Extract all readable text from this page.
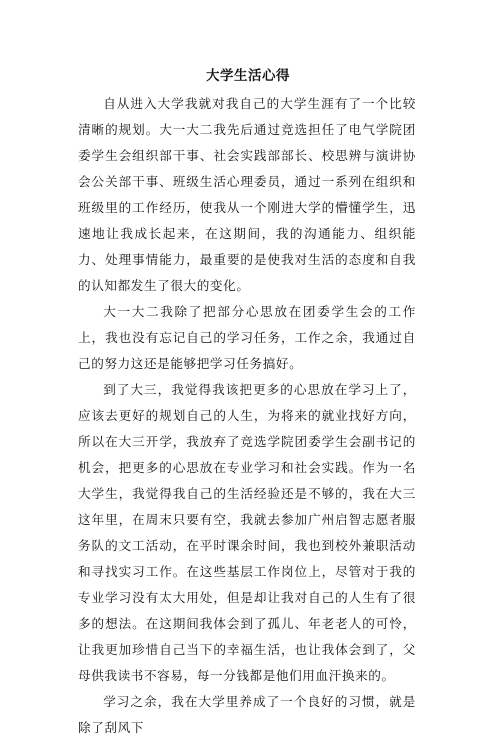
大学生活心得

自从进入大学我就对我自己的大学生涯有了一个比较清晰的规划。大一大二我先后通过竞选担任了电气学院团委学生会组织部干事、社会实践部部长、校思辨与演讲协会公关部干事、班级生活心理委员，通过一系列在组织和班级里的工作经历，使我从一个刚进大学的懵懂学生，迅速地让我成长起来，在这期间，我的沟通能力、组织能力、处理事情能力，最重要的是使我对生活的态度和自我的认知都发生了很大的变化。

大一大二我除了把部分心思放在团委学生会的工作上，我也没有忘记自己的学习任务，工作之余，我通过自己的努力这还是能够把学习任务搞好。

到了大三，我觉得我该把更多的心思放在学习上了，应该去更好的规划自己的人生，为将来的就业找好方向，所以在大三开学，我放弃了竞选学院团委学生会副书记的机会，把更多的心思放在专业学习和社会实践。作为一名大学生，我觉得我自己的生活经验还是不够的，我在大三这年里，在周末只要有空，我就去参加广州启智志愿者服务队的文工活动，在平时课余时间，我也到校外兼职活动和寻找实习工作。在这些基层工作岗位上，尽管对于我的专业学习没有太大用处，但是却让我对自己的人生有了很多的想法。在这期间我体会到了孤儿、年老老人的可怜，让我更加珍惜自己当下的幸福生活，也让我体会到了，父母供我读书不容易，每一分钱都是他们用血汗换来的。

学习之余，我在大学里养成了一个良好的习惯，就是除了刮风下
